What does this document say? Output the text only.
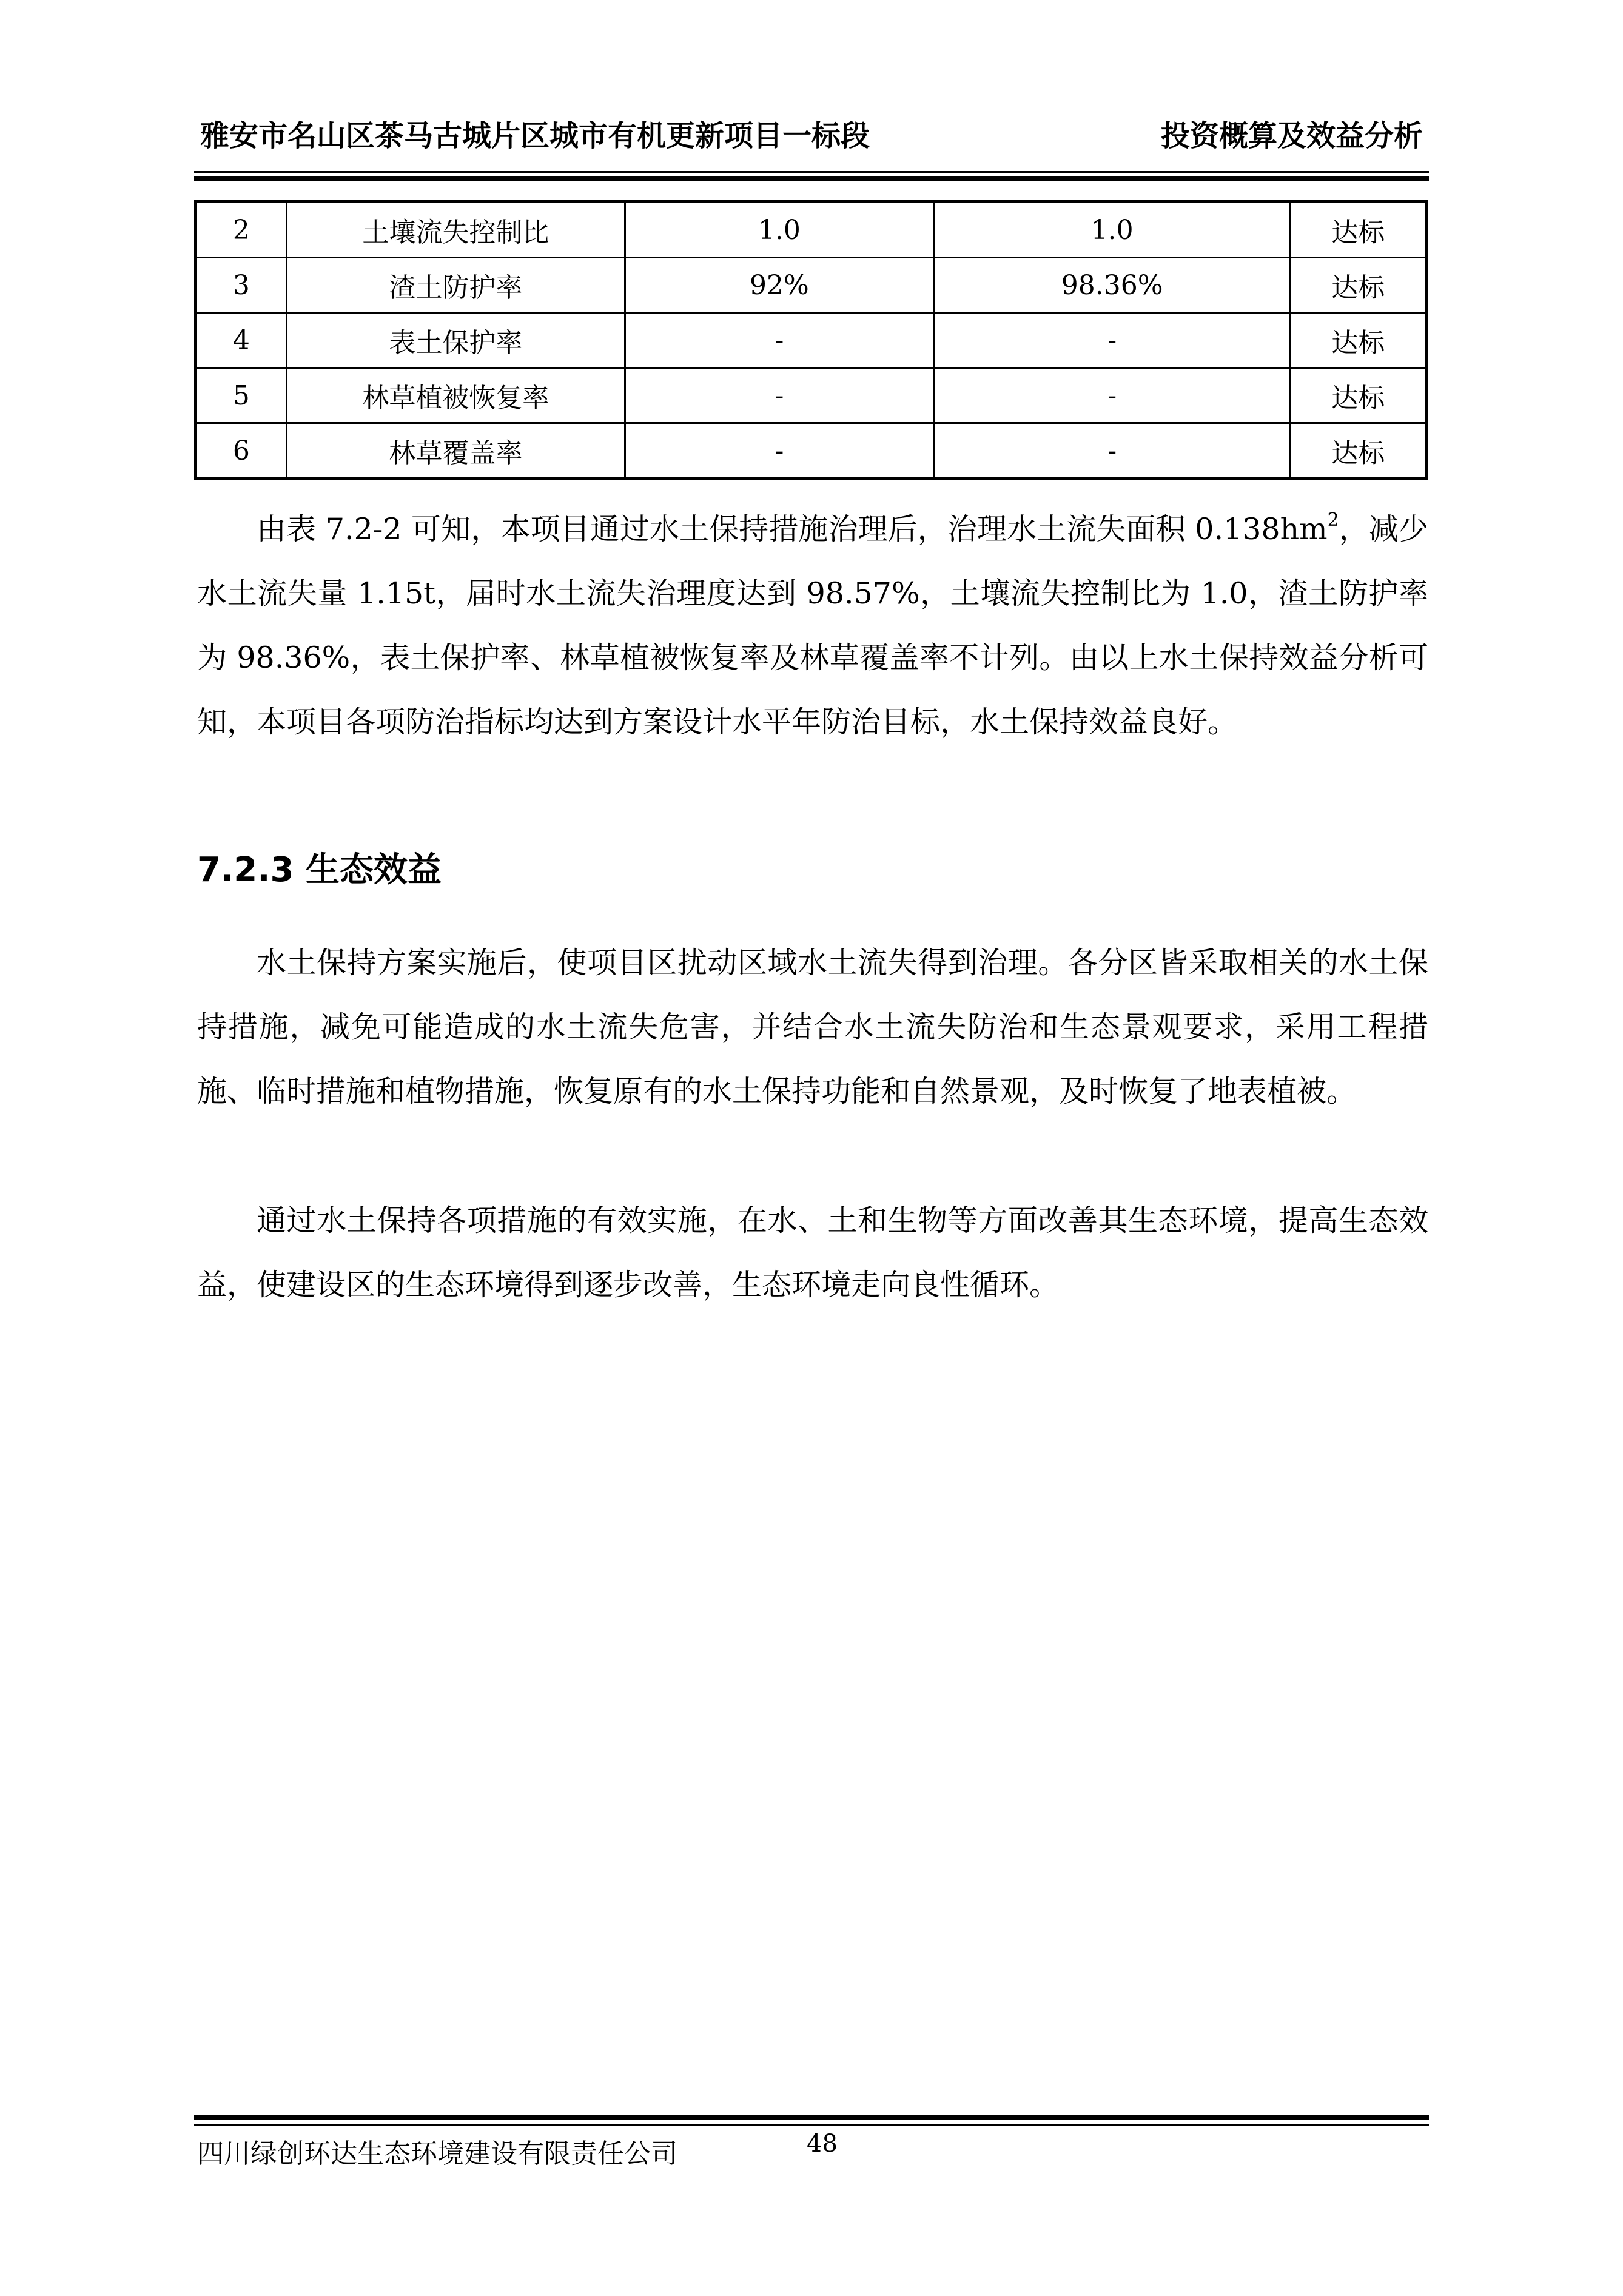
雅安市名山区茶马古城片区城市有机更新项目一标段	投资概算及效益分析
2	土壤流失控制比	1.0	1.0	达标
3	渣土防护率	92%	98.36%	达标
4	表土保护率	-	-	达标
5	林草植被恢复率	-	-	达标
6	林草覆盖率	-	-	达标

由表 7.2-2 可知，本项目通过水土保持措施治理后，治理水土流失面积 $0.138hm^2$，减少水土流失量 1.15t，届时水土流失治理度达到 98.57%，土壤流失控制比为 1.0，渣土防护率为 98.36%，表土保护率、林草植被恢复率及林草覆盖率不计列。由以上水土保持效益分析可知，本项目各项防治指标均达到方案设计水平年防治目标，水土保持效益良好。

7.2.3 生态效益

水土保持方案实施后，使项目区扰动区域水土流失得到治理。各分区皆采取相关的水土保持措施，减免可能造成的水土流失危害，并结合水土流失防治和生态景观要求，采用工程措施、临时措施和植物措施，恢复原有的水土保持功能和自然景观，及时恢复了地表植被。

通过水土保持各项措施的有效实施，在水、土和生物等方面改善其生态环境，提高生态效益，使建设区的生态环境得到逐步改善，生态环境走向良性循环。

四川绿创环达生态环境建设有限责任公司	48
